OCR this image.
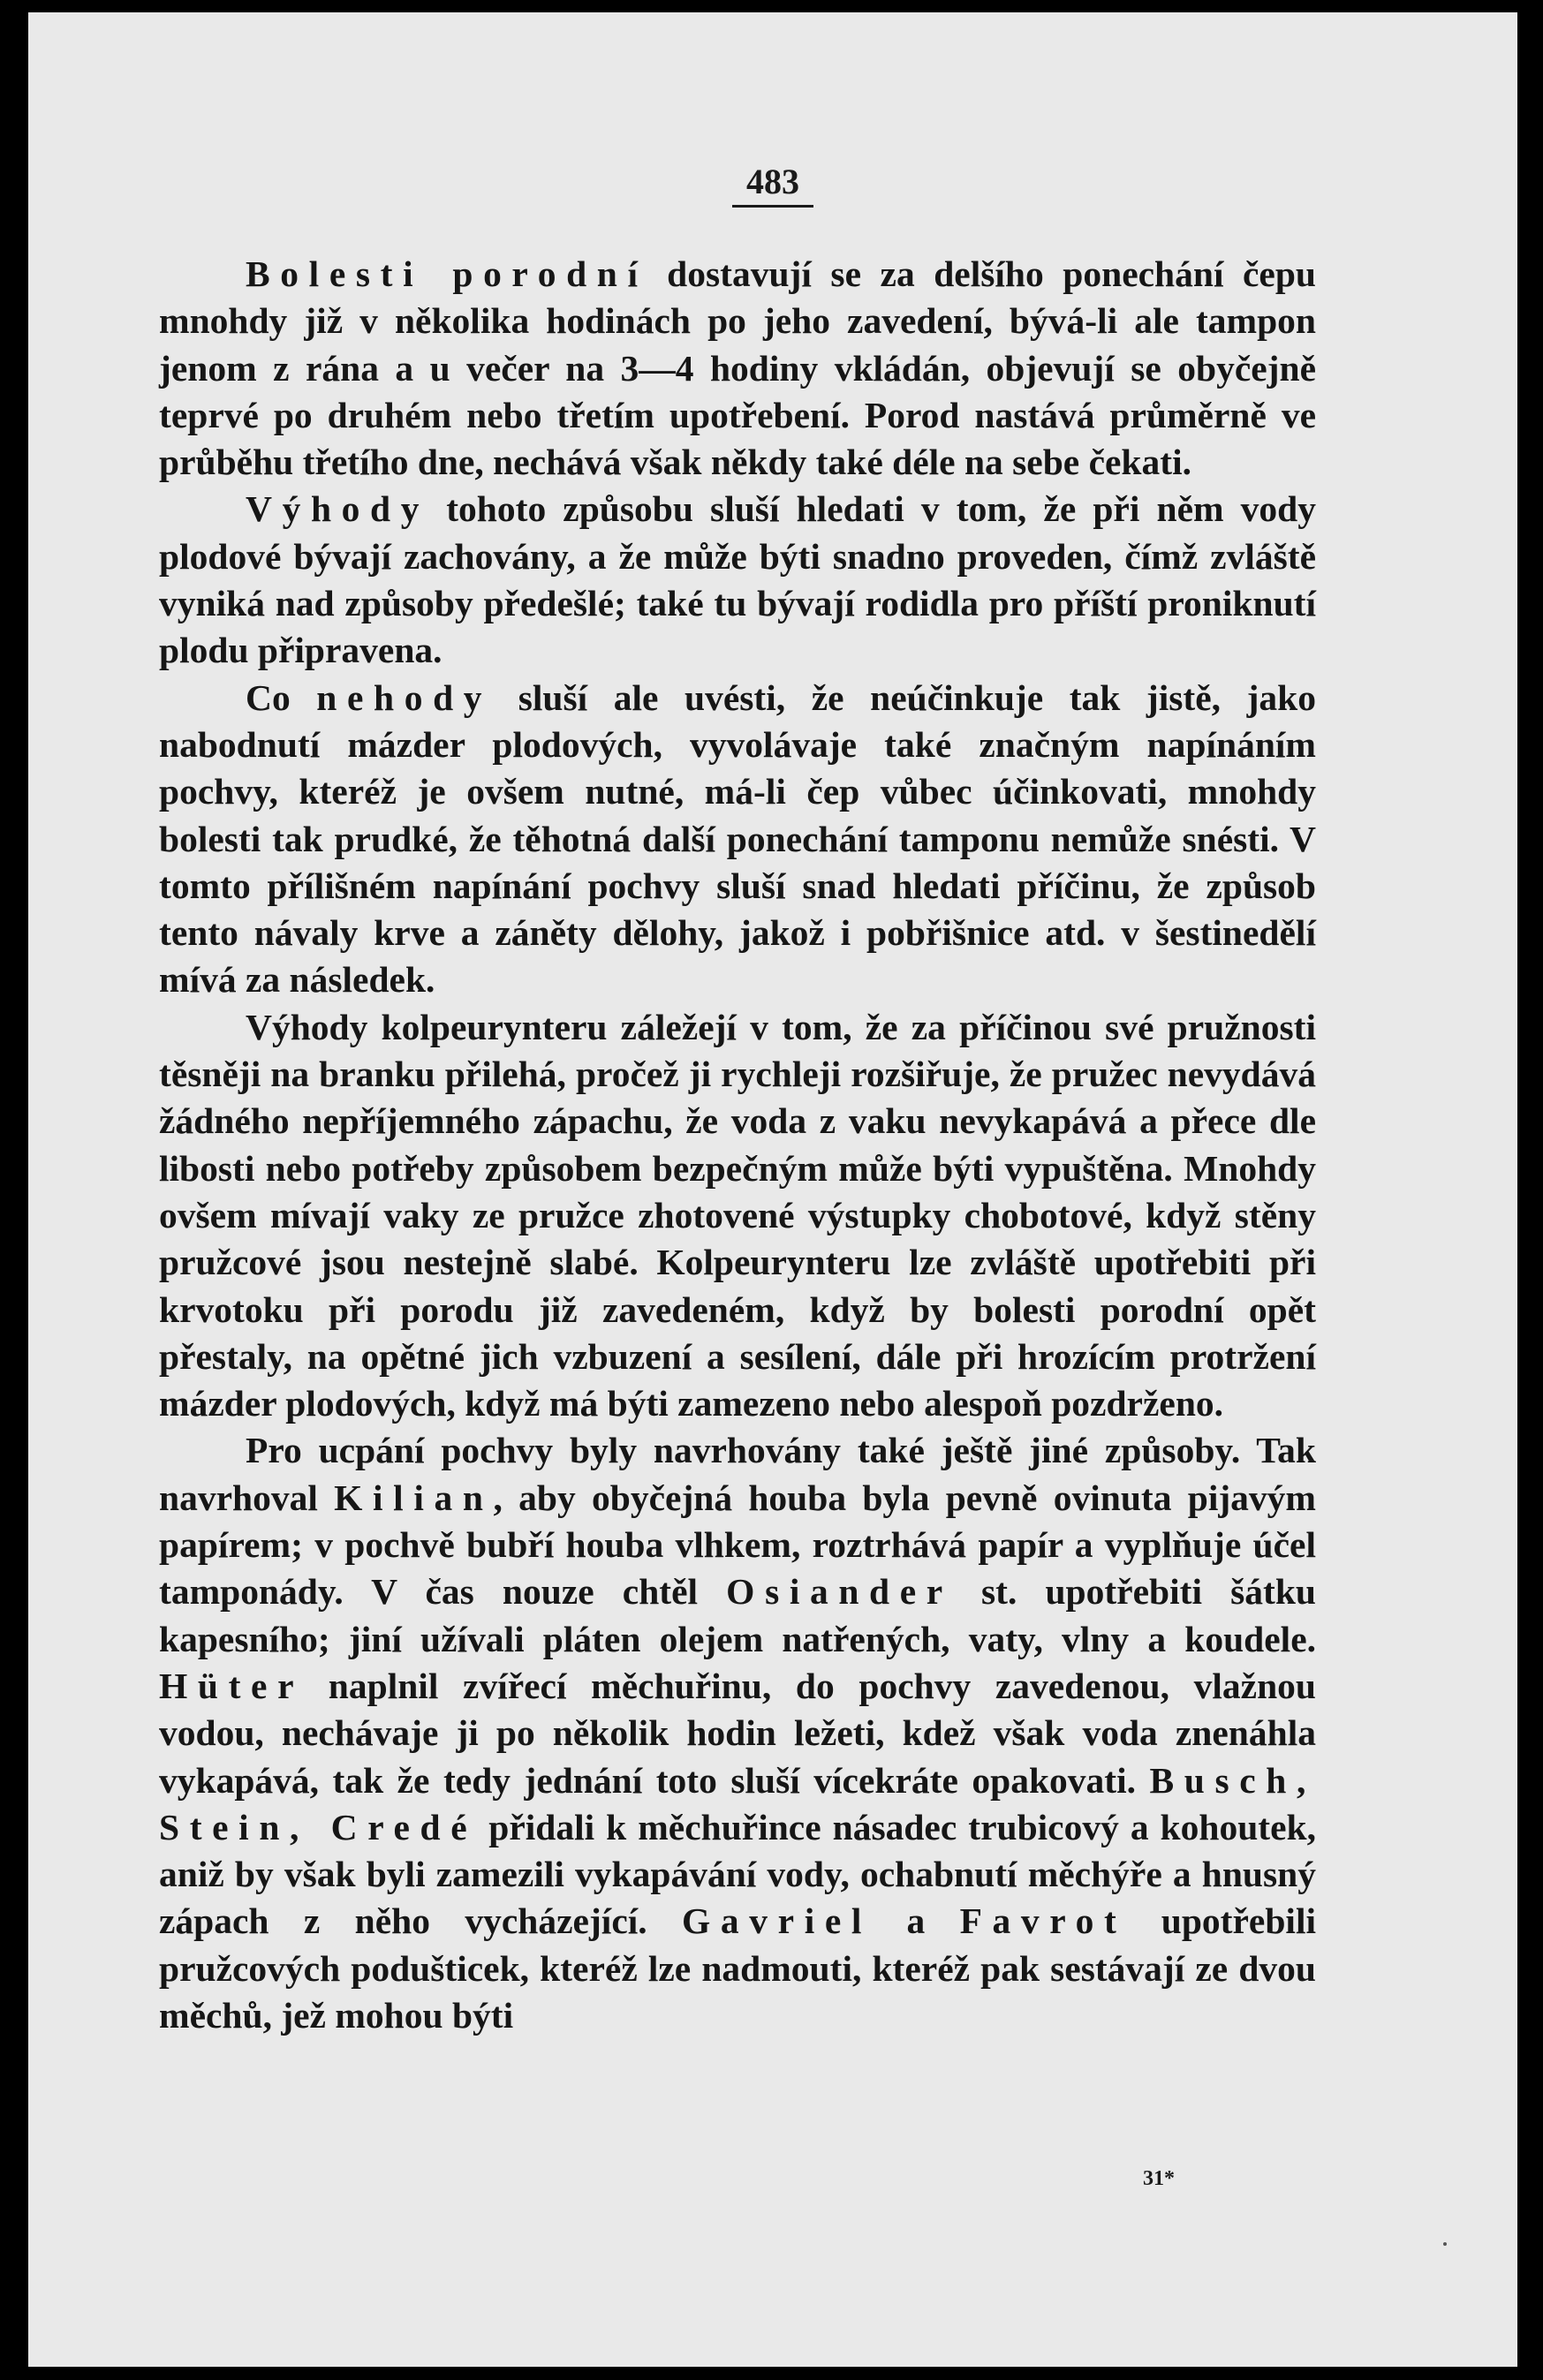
483

Bolesti porodní dostavují se za delšího ponechání čepu mnohdy již v několika hodinách po jeho zavedení, bývá-li ale tampon jenom z rána a u večer na 3—4 hodiny vkládán, objevují se obyčejně teprvé po druhém nebo třetím upotřebení. Porod nastává průměrně ve průběhu třetího dne, nechává však někdy také déle na sebe čekati.

Výhody tohoto způsobu sluší hledati v tom, že při něm vody plodové bývají zachovány, a že může býti snadno proveden, čímž zvláště vyniká nad způsoby předešlé; také tu bývají rodidla pro příští proniknutí plodu připravena.

Co nehody sluší ale uvésti, že neúčinkuje tak jistě, jako nabodnutí mázder plodových, vyvolávaje také značným napínáním pochvy, kteréž je ovšem nutné, má-li čep vůbec účinkovati, mnohdy bolesti tak prudké, že těhotná další ponechání tamponu nemůže snésti. V tomto přílišném napínání pochvy sluší snad hledati příčinu, že způsob tento návaly krve a záněty dělohy, jakož i pobřišnice atd. v šestinedělí mívá za následek.

Výhody kolpeurynteru záležejí v tom, že za příčinou své pružnosti těsněji na branku přilehá, pročež ji rychleji rozšiřuje, že pružec nevydává žádného nepříjemného zápachu, že voda z vaku nevykapává a přece dle libosti nebo potřeby způsobem bezpečným může býti vypuštěna. Mnohdy ovšem mívají vaky ze pružce zhotovené výstupky chobotové, když stěny pružcové jsou nestejně slabé. Kolpeurynteru lze zvláště upotřebiti při krvotoku při porodu již zavedeném, když by bolesti porodní opět přestaly, na opětné jich vzbuzení a sesílení, dále při hrozícím protržení mázder plodových, když má býti zamezeno nebo alespoň pozdrženo.

Pro ucpání pochvy byly navrhovány také ještě jiné způsoby. Tak navrhoval Kilian, aby obyčejná houba byla pevně ovinuta pijavým papírem; v pochvě bubří houba vlhkem, roztrhává papír a vyplňuje účel tamponády. V čas nouze chtěl Osiander st. upotřebiti šátku kapesního; jiní užívali pláten olejem natřených, vaty, vlny a koudele. Hüter naplnil zvířecí měchuřinu, do pochvy zavedenou, vlažnou vodou, nechávaje ji po několik hodin ležeti, kdež však voda znenáhla vykapává, tak že tedy jednání toto sluší vícekráte opakovati. Busch, Stein, Credé přidali k měchuřince násadec trubicový a kohoutek, aniž by však byli zamezili vykapávání vody, ochabnutí měchýře a hnusný zápach z něho vycházející. Gavriel a Favrot upotřebili pružcových podušticek, kteréž lze nadmouti, kteréž pak sestávají ze dvou měchů, jež mohou býti

31*
